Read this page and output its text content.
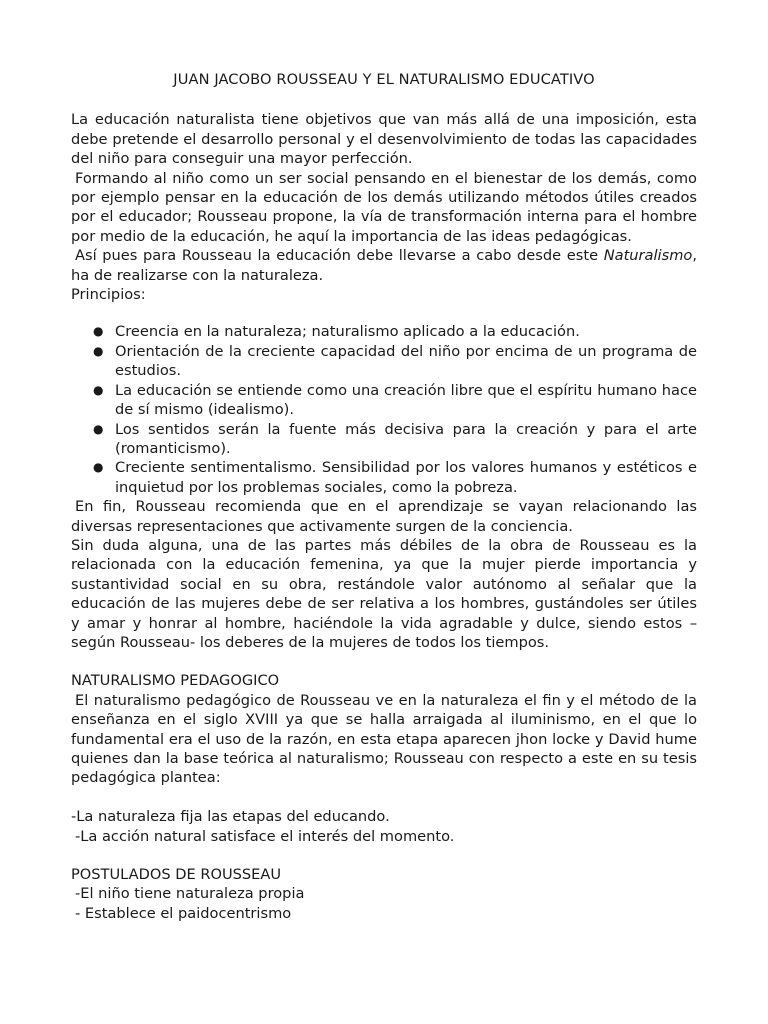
JUAN JACOBO ROUSSEAU Y EL NATURALISMO EDUCATIVO

La educación naturalista tiene objetivos que van más allá de una imposición, esta debe pretende el desarrollo personal y el desenvolvimiento de todas las capacidades del niño para conseguir una mayor perfección.

Formando al niño como un ser social pensando en el bienestar de los demás, como por ejemplo pensar en la educación de los demás utilizando métodos útiles creados por el educador; Rousseau propone, la vía de transformación interna para el hombre por medio de la educación, he aquí la importancia de las ideas pedagógicas.

Así pues para Rousseau la educación debe llevarse a cabo desde este Naturalismo, ha de realizarse con la naturaleza.

Principios:

● Creencia en la naturaleza; naturalismo aplicado a la educación.
● Orientación de la creciente capacidad del niño por encima de un programa de estudios.
● La educación se entiende como una creación libre que el espíritu humano hace de sí mismo (idealismo).
● Los sentidos serán la fuente más decisiva para la creación y para el arte (romanticismo).
● Creciente sentimentalismo. Sensibilidad por los valores humanos y estéticos e inquietud por los problemas sociales, como la pobreza.

En fin, Rousseau recomienda que en el aprendizaje se vayan relacionando las diversas representaciones que activamente surgen de la conciencia.

Sin duda alguna, una de las partes más débiles de la obra de Rousseau es la relacionada con la educación femenina, ya que la mujer pierde importancia y sustantividad social en su obra, restándole valor autónomo al señalar que la educación de las mujeres debe de ser relativa a los hombres, gustándoles ser útiles y amar y honrar al hombre, haciéndole la vida agradable y dulce, siendo estos –según Rousseau- los deberes de la mujeres de todos los tiempos.

NATURALISMO PEDAGOGICO

El naturalismo pedagógico de Rousseau ve en la naturaleza el fin y el método de la enseñanza en el siglo XVIII ya que se halla arraigada al iluminismo, en el que lo fundamental era el uso de la razón, en esta etapa aparecen jhon locke y David hume quienes dan la base teórica al naturalismo; Rousseau con respecto a este en su tesis pedagógica plantea:

-La naturaleza fija las etapas del educando.

-La acción natural satisface el interés del momento.

POSTULADOS DE ROUSSEAU

-El niño tiene naturaleza propia

- Establece el paidocentrismo
